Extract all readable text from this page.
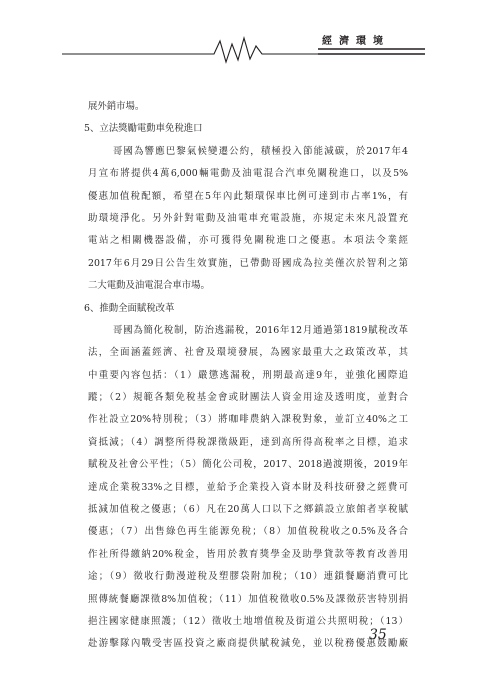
經濟環境
展外銷市場。
5、立法獎勵電動車免稅進口
哥國為響應巴黎氣候變遷公約，積極投入節能減碳，於2017年4
月宣布將提供4萬6,000輛電動及油電混合汽車免關稅進口，以及5%
優惠加值稅配額，希望在5年內此類環保車比例可達到市占率1%，有
助環境淨化。另外針對電動及油電車充電設施，亦規定未來凡設置充
電站之相關機器設備，亦可獲得免關稅進口之優惠。本項法令業經
2017年6月29日公告生效實施，已帶動哥國成為拉美僅次於智利之第
二大電動及油電混合車市場。
6、推動全面賦稅改革
哥國為簡化稅制，防治逃漏稅，2016年12月通過第1819賦稅改革
法，全面涵蓋經濟、社會及環境發展，為國家最重大之政策改革，其
中重要內容包括：（1）嚴懲逃漏稅，刑期最高達9年，並強化國際追
蹤；（2）規範各類免稅基金會或財團法人資金用途及透明度，並對合
作社設立20%特別稅；（3）將咖啡農納入課稅對象，並訂立40%之工
資抵減；（4）調整所得稅課徵級距，達到高所得高稅率之目標，追求
賦稅及社會公平性；（5）簡化公司稅，2017、2018過渡期後，2019年
達成企業稅33%之目標，並給予企業投入資本財及科技研發之經費可
抵減加值稅之優惠；（6）凡在20萬人口以下之鄉鎮設立旅館者享稅賦
優惠；（7）出售綠色再生能源免稅；（8）加值稅稅收之0.5%及各合
作社所得繳納20%稅金，皆用於教育獎學金及助學貸款等教育改善用
途；（9）徵收行動漫遊稅及塑膠袋附加稅；（10）連鎖餐廳消費可比
照傳統餐廳課徵8%加值稅；（11）加值稅徵收0.5%及課徵菸害特別捐
挹注國家健康照護；（12）徵收土地增值稅及街道公共照明稅；（13）
赴游擊隊內戰受害區投資之廠商提供賦稅減免，並以稅務優惠鼓勵廠
35
